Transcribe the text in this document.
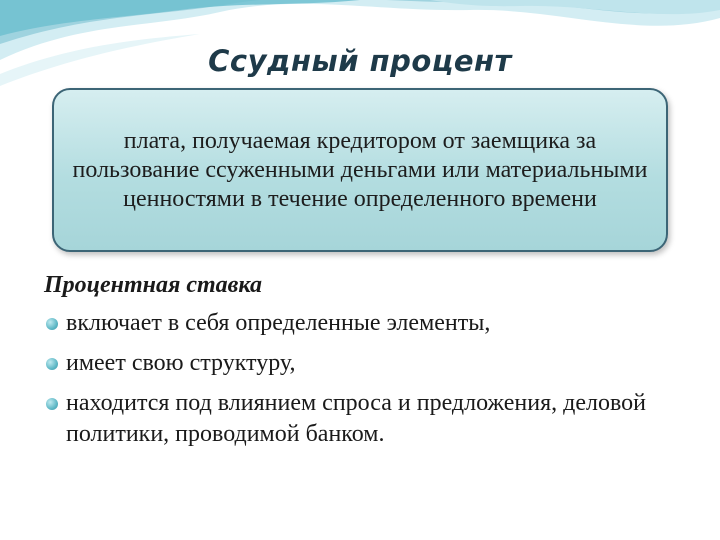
Ссудный процент

плата, получаемая кредитором от заемщика за пользование ссуженными деньгами или материальными ценностями в течение определенного времени

Процентная ставка
включает в себя определенные элементы,
имеет свою структуру,
находится под влиянием спроса и предложения, деловой политики, проводимой банком.
